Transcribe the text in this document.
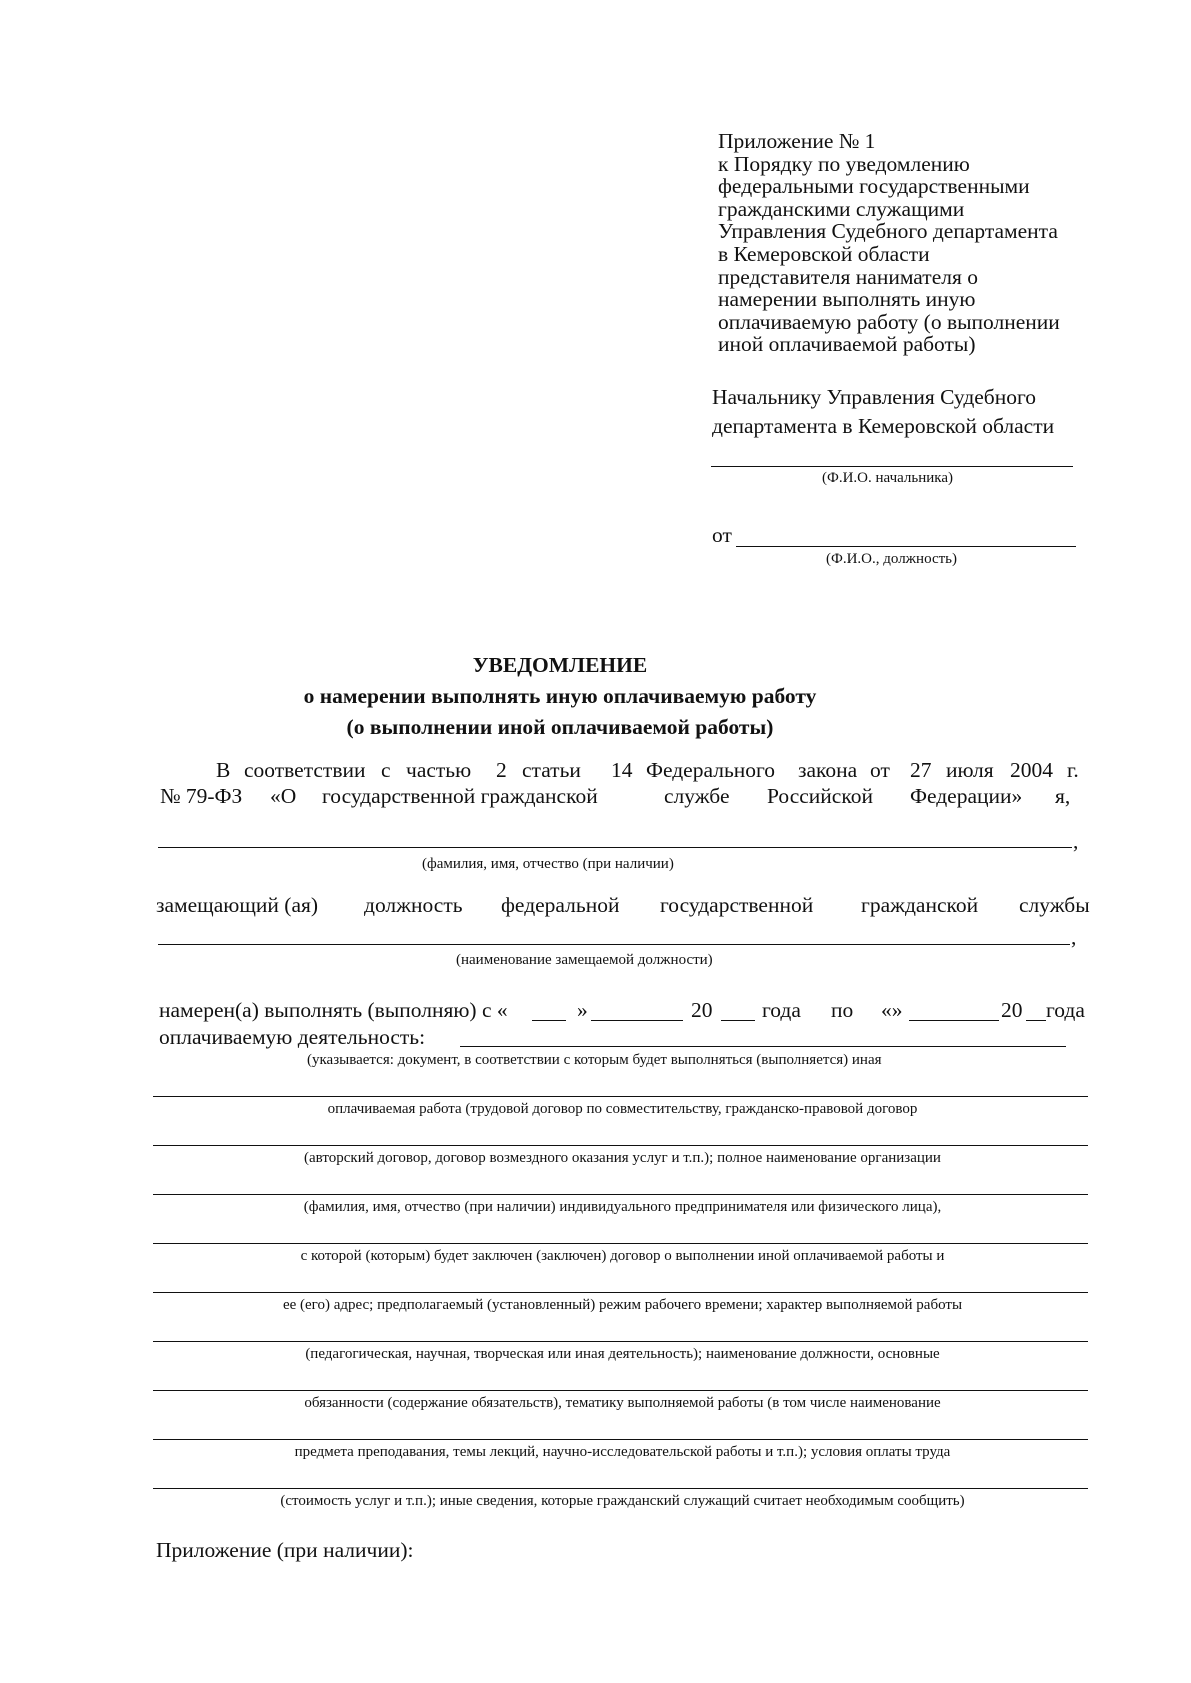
Приложение № 1
к Порядку по уведомлению
федеральными государственными
гражданскими служащими
Управления Судебного департамента
в Кемеровской области
представителя нанимателя о
намерении выполнять иную
оплачиваемую работу (о выполнении
иной оплачиваемой работы)
Начальнику Управления Судебного
департамента в Кемеровской области
(Ф.И.О. начальника)
от
(Ф.И.О., должность)
УВЕДОМЛЕНИЕ
о намерении выполнять иную оплачиваемую работу
(о выполнении иной оплачиваемой работы)
В соответствии с частью 2 статьи 14 Федерального закона от 27 июля 2004 г.
№ 79-ФЗ «О государственной гражданской	службе Российской Федерации» я,
,
(фамилия, имя, отчество (при наличии)
замещающий (ая) должность федеральной государственной гражданской службы
,
(наименование замещаемой должности)
намерен(а) выполнять (выполняю) с «	»	20 года по «»	20 года
оплачиваемую деятельность:
(указывается: документ, в соответствии с которым будет выполняться (выполняется) иная
оплачиваемая работа (трудовой договор по совместительству, гражданско-правовой договор
(авторский договор, договор возмездного оказания услуг и т.п.); полное наименование организации
(фамилия, имя, отчество (при наличии) индивидуального предпринимателя или физического лица),
с которой (которым) будет заключен (заключен) договор о выполнении иной оплачиваемой работы и
ее (его) адрес; предполагаемый (установленный) режим рабочего времени; характер выполняемой работы
(педагогическая, научная, творческая или иная деятельность); наименование должности, основные
обязанности (содержание обязательств), тематику выполняемой работы (в том числе наименование
предмета преподавания, темы лекций, научно-исследовательской работы и т.п.); условия оплаты труда
(стоимость услуг и т.п.); иные сведения, которые гражданский служащий считает необходимым сообщить)
Приложение (при наличии):
